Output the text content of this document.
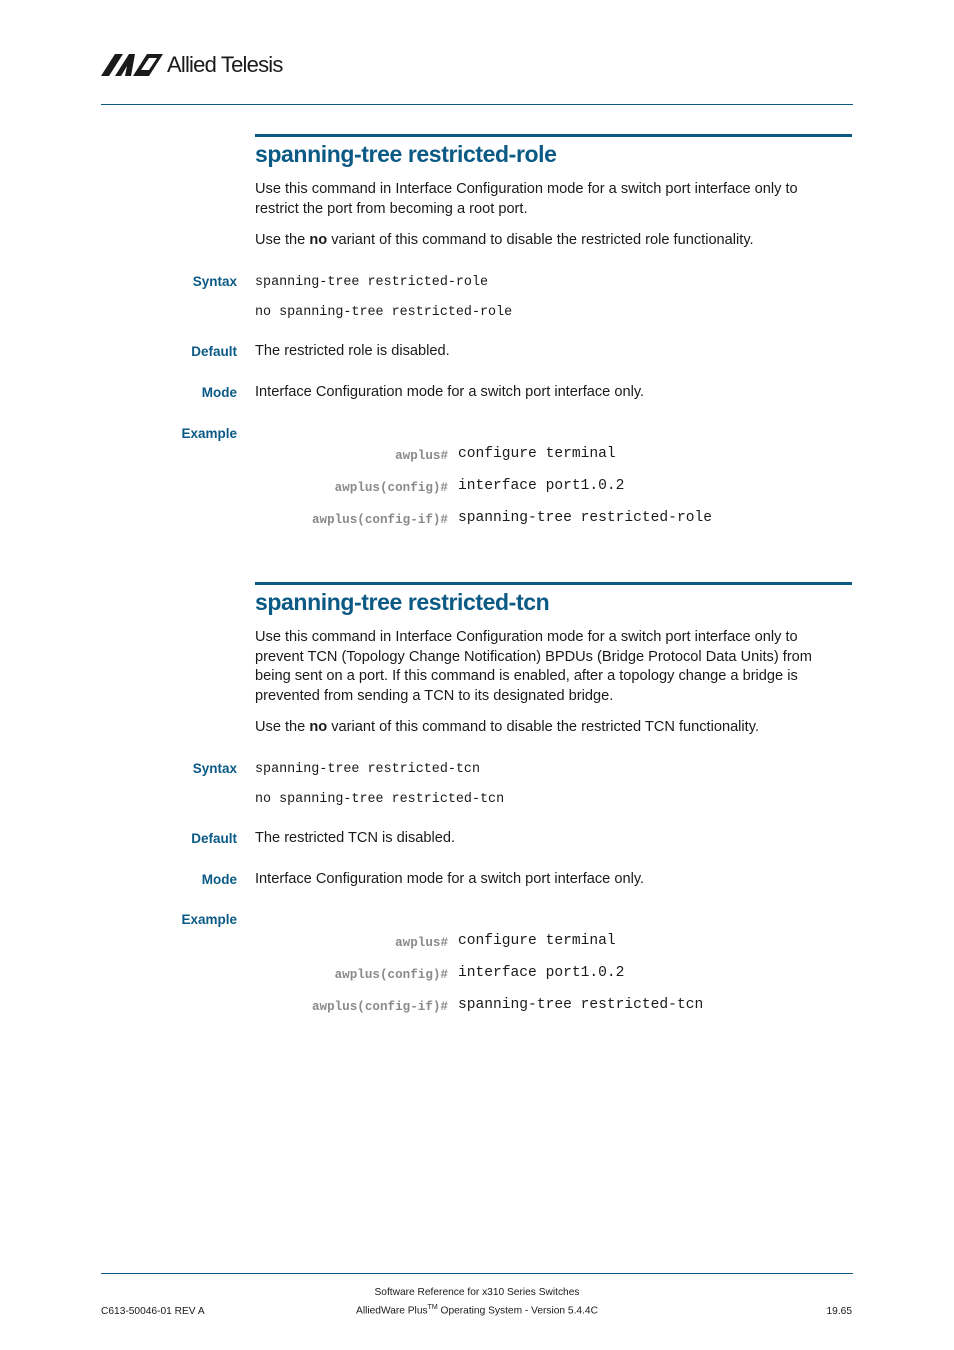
Allied Telesis
spanning-tree restricted-role
Use this command in Interface Configuration mode for a switch port interface only to restrict the port from becoming a root port.
Use the no variant of this command to disable the restricted role functionality.
Syntax spanning-tree restricted-role
no spanning-tree restricted-role
Default The restricted role is disabled.
Mode Interface Configuration mode for a switch port interface only.
Example
awplus# configure terminal
awplus(config)# interface port1.0.2
awplus(config-if)# spanning-tree restricted-role
spanning-tree restricted-tcn
Use this command in Interface Configuration mode for a switch port interface only to prevent TCN (Topology Change Notification) BPDUs (Bridge Protocol Data Units) from being sent on a port. If this command is enabled, after a topology change a bridge is prevented from sending a TCN to its designated bridge.
Use the no variant of this command to disable the restricted TCN functionality.
Syntax spanning-tree restricted-tcn
no spanning-tree restricted-tcn
Default The restricted TCN is disabled.
Mode Interface Configuration mode for a switch port interface only.
Example
awplus# configure terminal
awplus(config)# interface port1.0.2
awplus(config-if)# spanning-tree restricted-tcn
Software Reference for x310 Series Switches
C613-50046-01 REV A	AlliedWare Plus™ Operating System - Version 5.4.4C	19.65
